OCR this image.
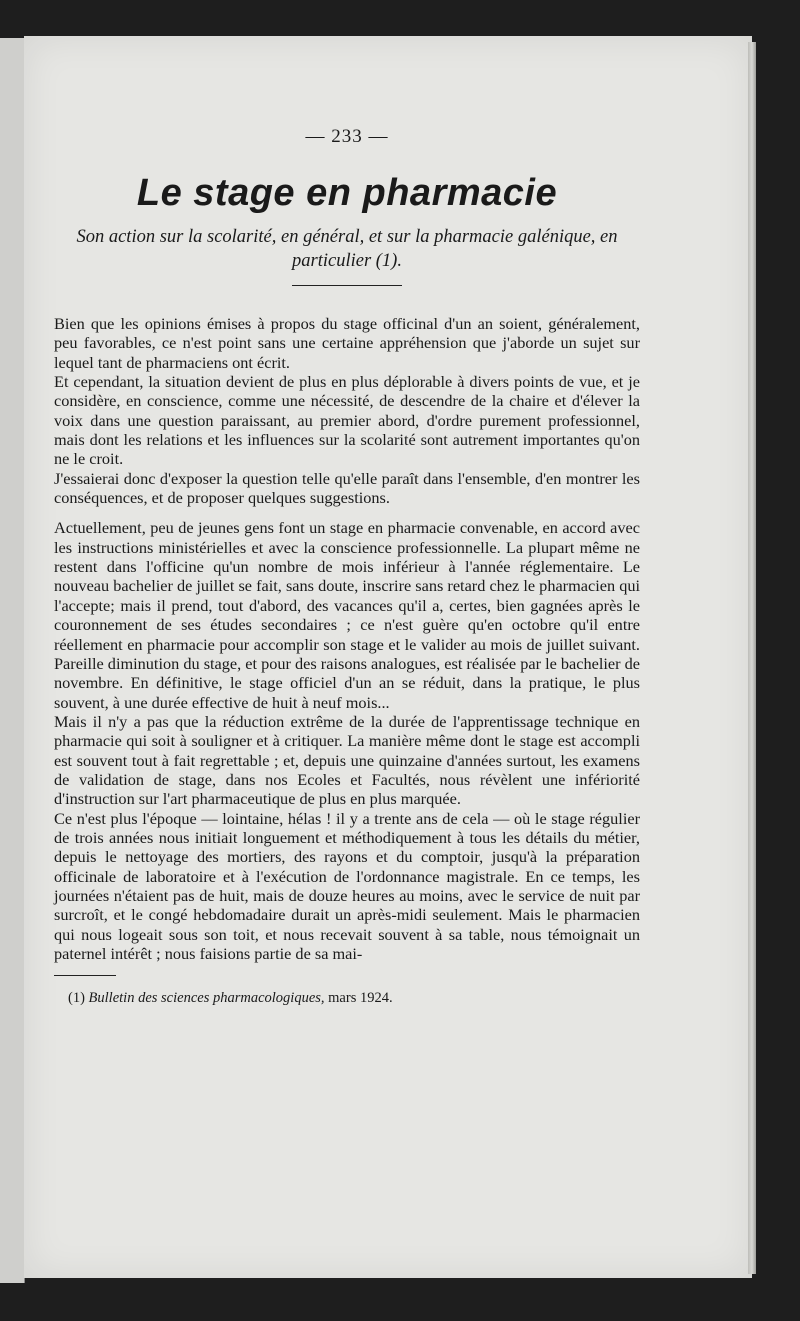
— 233 —
Le stage en pharmacie

Son action sur la scolarité, en général, et sur la pharmacie galénique, en particulier (1).

Bien que les opinions émises à propos du stage officinal d'un an soient, généralement, peu favorables, ce n'est point sans une certaine appréhension que j'aborde un sujet sur lequel tant de pharmaciens ont écrit.

Et cependant, la situation devient de plus en plus déplorable à divers points de vue, et je considère, en conscience, comme une nécessité, de descendre de la chaire et d'élever la voix dans une question paraissant, au premier abord, d'ordre purement professionnel, mais dont les relations et les influences sur la scolarité sont autrement importantes qu'on ne le croit.

J'essaierai donc d'exposer la question telle qu'elle paraît dans l'ensemble, d'en montrer les conséquences, et de proposer quelques suggestions.

Actuellement, peu de jeunes gens font un stage en pharmacie convenable, en accord avec les instructions ministérielles et avec la conscience professionnelle. La plupart même ne restent dans l'officine qu'un nombre de mois inférieur à l'année réglementaire. Le nouveau bachelier de juillet se fait, sans doute, inscrire sans retard chez le pharmacien qui l'accepte; mais il prend, tout d'abord, des vacances qu'il a, certes, bien gagnées après le couronnement de ses études secondaires ; ce n'est guère qu'en octobre qu'il entre réellement en pharmacie pour accomplir son stage et le valider au mois de juillet suivant. Pareille diminution du stage, et pour des raisons analogues, est réalisée par le bachelier de novembre. En définitive, le stage officiel d'un an se réduit, dans la pratique, le plus souvent, à une durée effective de huit à neuf mois...

Mais il n'y a pas que la réduction extrême de la durée de l'apprentissage technique en pharmacie qui soit à souligner et à critiquer. La manière même dont le stage est accompli est souvent tout à fait regrettable ; et, depuis une quinzaine d'années surtout, les examens de validation de stage, dans nos Ecoles et Facultés, nous révèlent une infériorité d'instruction sur l'art pharmaceutique de plus en plus marquée.

Ce n'est plus l'époque — lointaine, hélas ! il y a trente ans de cela — où le stage régulier de trois années nous initiait longuement et méthodiquement à tous les détails du métier, depuis le nettoyage des mortiers, des rayons et du comptoir, jusqu'à la préparation officinale de laboratoire et à l'exécution de l'ordonnance magistrale. En ce temps, les journées n'étaient pas de huit, mais de douze heures au moins, avec le service de nuit par surcroît, et le congé hebdomadaire durait un après-midi seulement. Mais le pharmacien qui nous logeait sous son toit, et nous recevait souvent à sa table, nous témoignait un paternel intérêt ; nous faisions partie de sa mai-

(1) Bulletin des sciences pharmacologiques, mars 1924.
